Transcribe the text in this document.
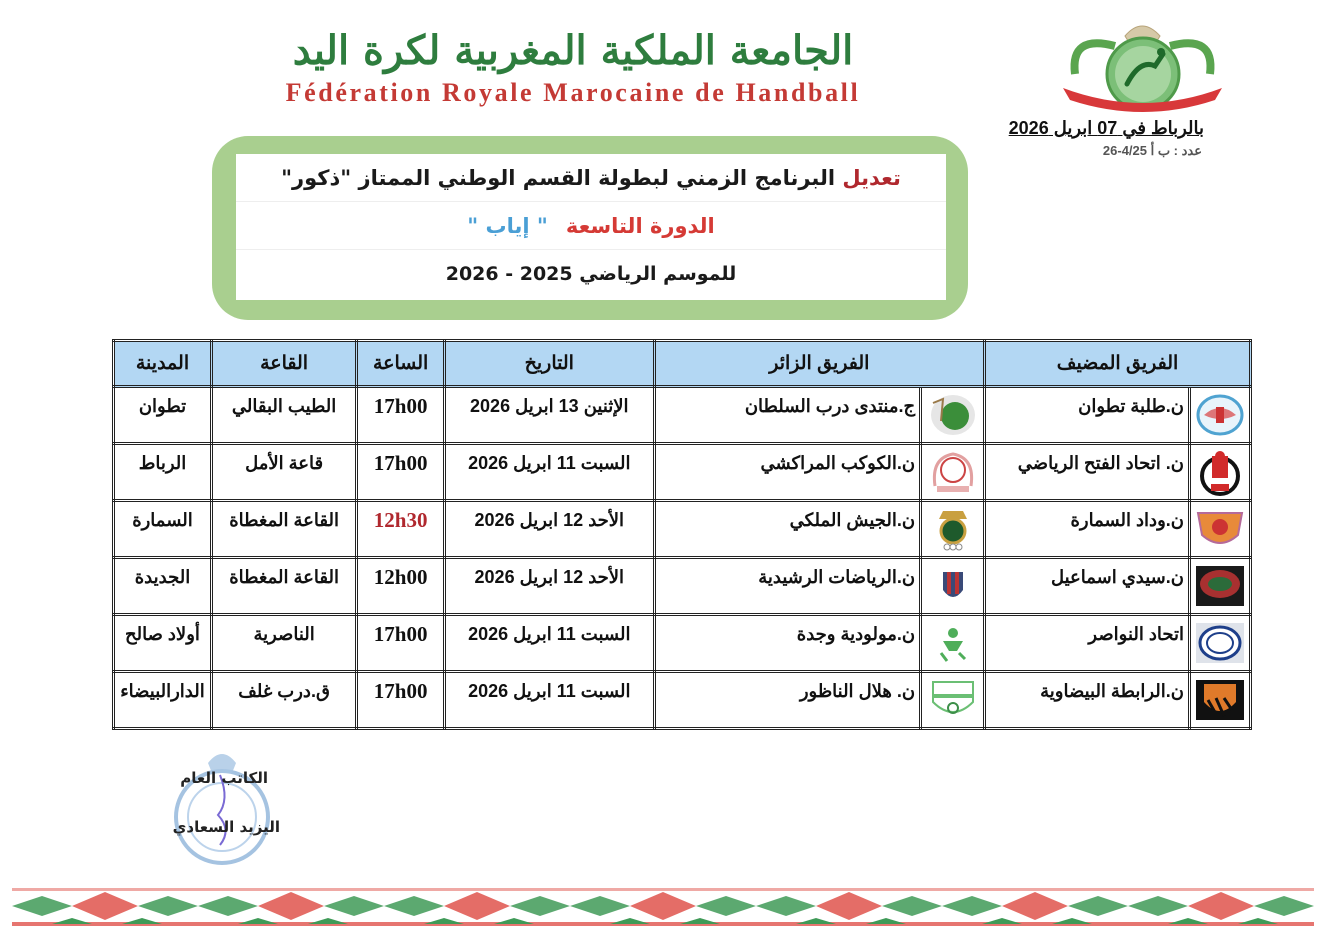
الجامعة الملكية المغربية لكرة اليد
Fédération Royale Marocaine de Handball
بالرباط في 07 ابريل 2026
عدد : ب أ 4/25-26
تعديل

البرنامج الزمني لبطولة القسم الوطني الممتاز "ذكور"
الدورة التاسعة
" إياب "
للموسم الرياضي 2025 - 2026
الفريق المضيف		الفريق الزائر		التاريخ	الساعة	القاعة	المدينة

	ن.طلبة تطوان		ج.منتدى درب السلطان	الإثنين 13 ابريل 2026	17h00	الطيب البقالي	تطوان

	ن. اتحاد الفتح الرياضي		ن.الكوكب المراكشي	السبت 11 ابريل 2026	17h00	قاعة الأمل	الرباط

	ن.وداد السمارة		ن.الجيش الملكي	الأحد 12 ابريل 2026	12h30	القاعة المغطاة	السمارة

	ن.سيدي اسماعيل		ن.الرياضات الرشيدية	الأحد 12 ابريل 2026	12h00	القاعة المغطاة	الجديدة

	اتحاد النواصر		ن.مولودية وجدة	السبت 11 ابريل 2026	17h00	الناصرية	أولاد صالح

	ن.الرابطة البيضاوية		ن. هلال الناظور	السبت 11 ابريل 2026	17h00	ق.درب غلف	الدارالبيضاء
الكاتب العام
اليزيد السعادي
